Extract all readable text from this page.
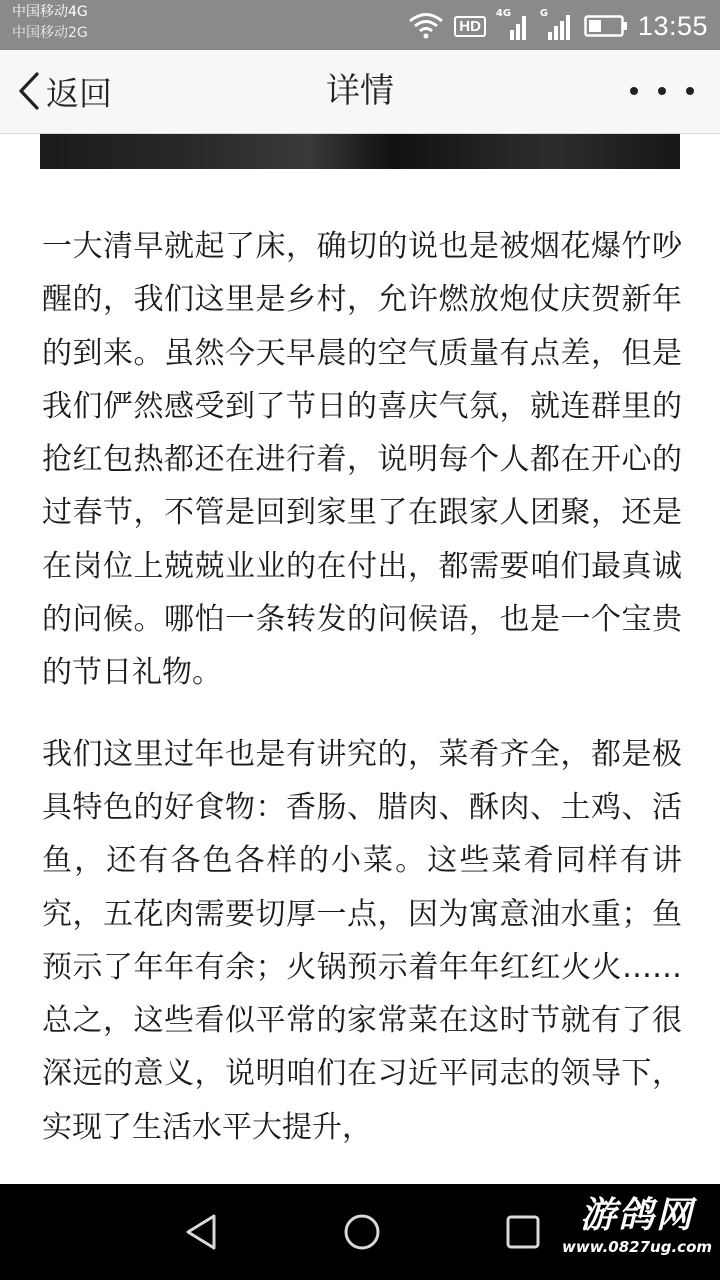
中国移动4G
中国移动2G	HD
4G	G	13:55
返回	详情

一大清早就起了床，确切的说也是被烟花爆竹吵醒的，我们这里是乡村，允许燃放炮仗庆贺新年的到来。虽然今天早晨的空气质量有点差，但是我们俨然感受到了节日的喜庆气氛，就连群里的抢红包热都还在进行着，说明每个人都在开心的过春节，不管是回到家里了在跟家人团聚，还是在岗位上兢兢业业的在付出，都需要咱们最真诚的问候。哪怕一条转发的问候语，也是一个宝贵的节日礼物。

我们这里过年也是有讲究的，菜肴齐全，都是极具特色的好食物：香肠、腊肉、酥肉、土鸡、活鱼，还有各色各样的小菜。这些菜肴同样有讲究，五花肉需要切厚一点，因为寓意油水重；鱼预示了年年有余；火锅预示着年年红红火火……总之，这些看似平常的家常菜在这时节就有了很深远的意义，说明咱们在习近平同志的领导下，实现了生活水平大提升，

游鸽网
www.0827ug.com
